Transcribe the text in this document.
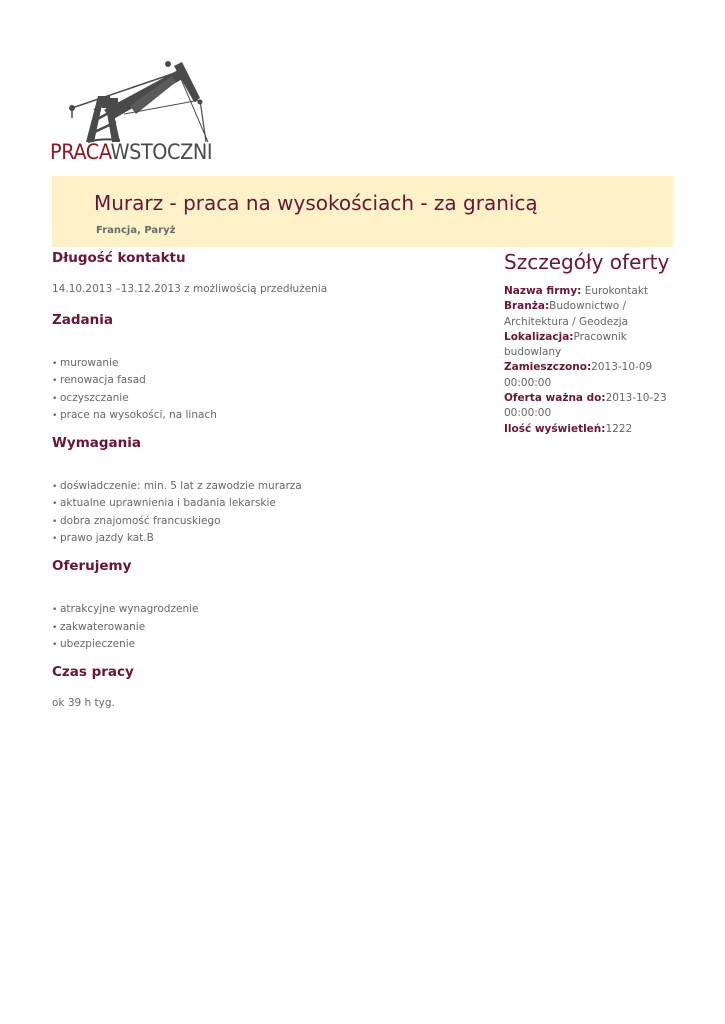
PRACAWSTOCZNI
Murarz - praca na wysokościach - za granicą
Francja, Paryż
Długość kontaktu

14.10.2013 –13.12.2013 z możliwością przedłużenia

Zadania
• murowanie
• renowacja fasad
• oczyszczanie
• prace na wysokości, na linach
Wymagania
• doświadczenie: min. 5 lat z zawodzie murarza
• aktualne uprawnienia i badania lekarskie
• dobra znajomość francuskiego
• prawo jazdy kat.B
Oferujemy
• atrakcyjne wynagrodzenie
• zakwaterowanie
• ubezpieczenie
Czas pracy

ok 39 h tyg.

Szczegóły oferty
Nazwa firmy: Eurokontakt
Branża:Budownictwo / Architektura / Geodezja
Lokalizacja:Pracownik budowlany
Zamieszczono:2013-10-09 00:00:00
Oferta ważna do:2013-10-23 00:00:00
Ilość wyświetleń:1222
